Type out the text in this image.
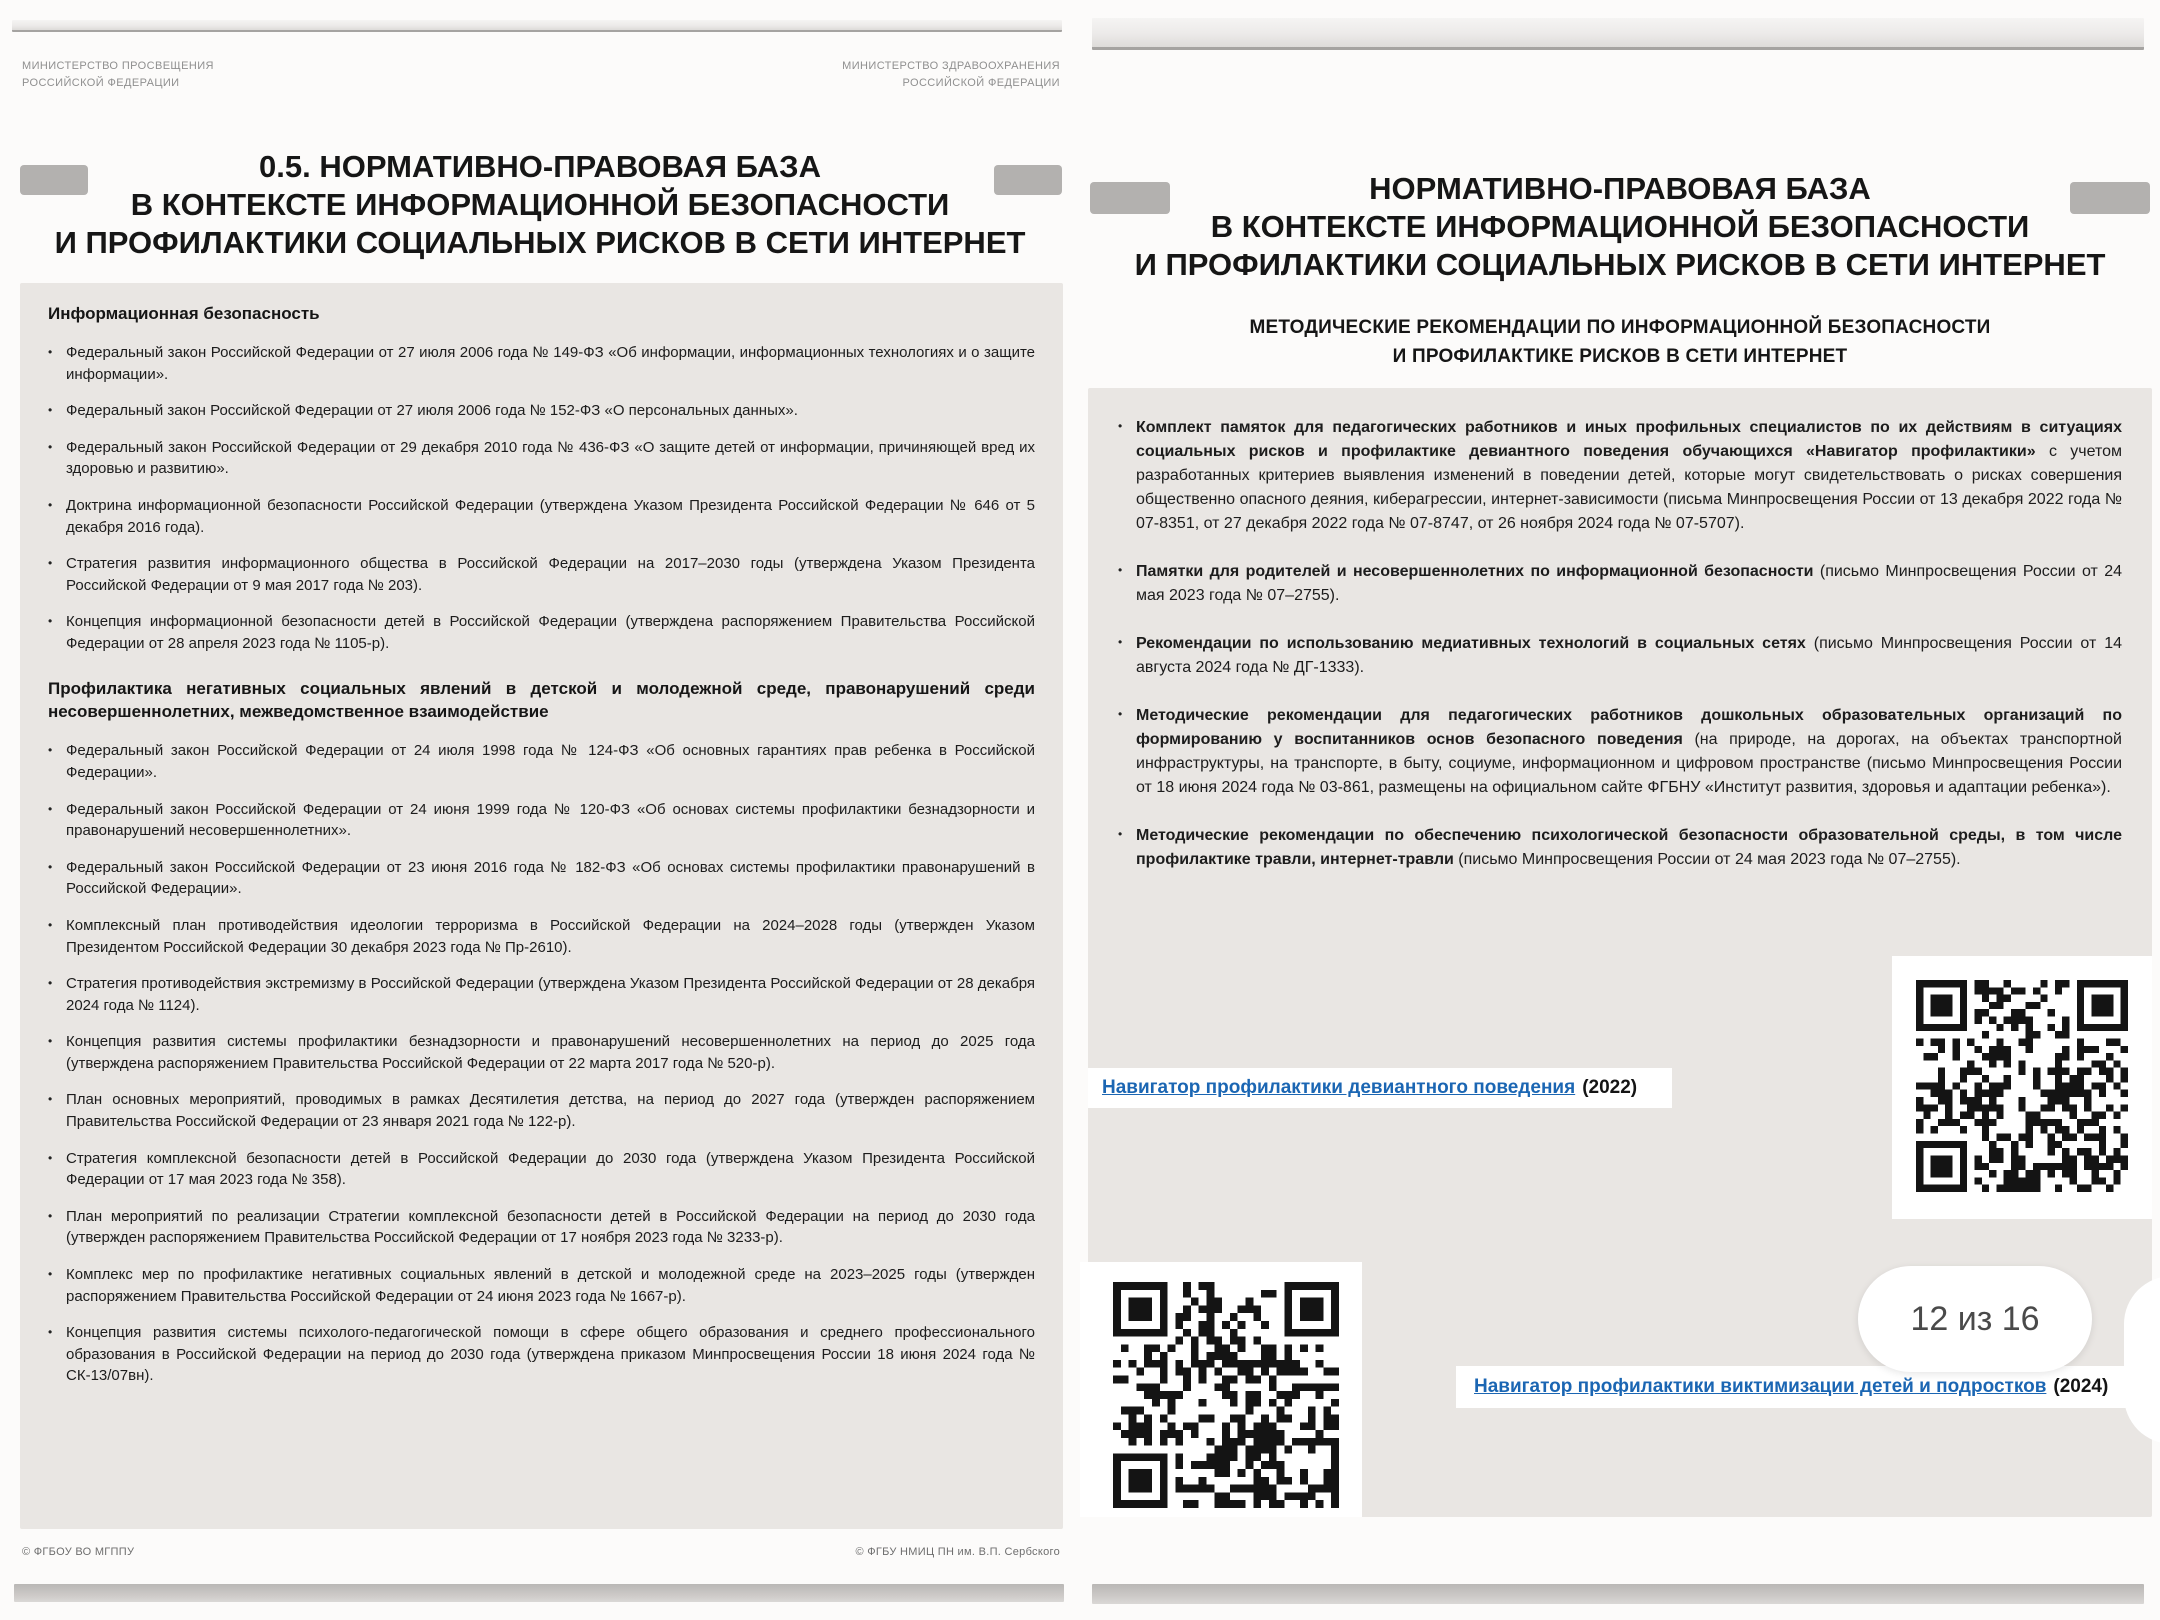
МИНИСТЕРСТВО ПРОСВЕЩЕНИЯ
РОССИЙСКОЙ ФЕДЕРАЦИИ
МИНИСТЕРСТВО ЗДРАВООХРАНЕНИЯ
РОССИЙСКОЙ ФЕДЕРАЦИИ
0.5. НОРМАТИВНО-ПРАВОВАЯ БАЗА
В КОНТЕКСТЕ ИНФОРМАЦИОННОЙ БЕЗОПАСНОСТИ
И ПРОФИЛАКТИКИ СОЦИАЛЬНЫХ РИСКОВ В СЕТИ ИНТЕРНЕТ
Информационная безопасность
• Федеральный закон Российской Федерации от 27 июля 2006 года № 149-ФЗ «Об информации, информационных технологиях и о защите информации».
• Федеральный закон Российской Федерации от 27 июля 2006 года № 152-ФЗ «О персональных данных».
• Федеральный закон Российской Федерации от 29 декабря 2010 года № 436-ФЗ «О защите детей от информации, причиняющей вред их здоровью и развитию».
• Доктрина информационной безопасности Российской Федерации (утверждена Указом Президента Российской Федерации № 646 от 5 декабря 2016 года).
• Стратегия развития информационного общества в Российской Федерации на 2017–2030 годы (утверждена Указом Президента Российской Федерации от 9 мая 2017 года № 203).
• Концепция информационной безопасности детей в Российской Федерации (утверждена распоряжением Правительства Российской Федерации от 28 апреля 2023 года № 1105-р).
Профилактика негативных социальных явлений в детской и молодежной среде, правонарушений среди несовершеннолетних, межведомственное взаимодействие
• Федеральный закон Российской Федерации от 24 июля 1998 года № 124-ФЗ «Об основных гарантиях прав ребенка в Российской Федерации».
• Федеральный закон Российской Федерации от 24 июня 1999 года № 120-ФЗ «Об основах системы профилактики безнадзорности и правонарушений несовершеннолетних».
• Федеральный закон Российской Федерации от 23 июня 2016 года № 182-ФЗ «Об основах системы профилактики правонарушений в Российской Федерации».
• Комплексный план противодействия идеологии терроризма в Российской Федерации на 2024–2028 годы (утвержден Указом Президентом Российской Федерации 30 декабря 2023 года № Пр-2610).
• Стратегия противодействия экстремизму в Российской Федерации (утверждена Указом Президента Российской Федерации от 28 декабря 2024 года № 1124).
• Концепция развития системы профилактики безнадзорности и правонарушений несовершеннолетних на период до 2025 года (утверждена распоряжением Правительства Российской Федерации от 22 марта 2017 года № 520-р).
• План основных мероприятий, проводимых в рамках Десятилетия детства, на период до 2027 года (утвержден распоряжением Правительства Российской Федерации от 23 января 2021 года № 122-р).
• Стратегия комплексной безопасности детей в Российской Федерации до 2030 года (утверждена Указом Президента Российской Федерации от 17 мая 2023 года № 358).
• План мероприятий по реализации Стратегии комплексной безопасности детей в Российской Федерации на период до 2030 года (утвержден распоряжением Правительства Российской Федерации от 17 ноября 2023 года № 3233-р).
• Комплекс мер по профилактике негативных социальных явлений в детской и молодежной среде на 2023–2025 годы (утвержден распоряжением Правительства Российской Федерации от 24 июня 2023 года № 1667-р).
• Концепция развития системы психолого-педагогической помощи в сфере общего образования и среднего профессионального образования в Российской Федерации на период до 2030 года (утверждена приказом Минпросвещения России 18 июня 2024 года № СК-13/07вн).
© ФГБОУ ВО МГППУ	© ФГБУ НМИЦ ПН им. В.П. Сербского
НОРМАТИВНО-ПРАВОВАЯ БАЗА
В КОНТЕКСТЕ ИНФОРМАЦИОННОЙ БЕЗОПАСНОСТИ
И ПРОФИЛАКТИКИ СОЦИАЛЬНЫХ РИСКОВ В СЕТИ ИНТЕРНЕТ
МЕТОДИЧЕСКИЕ РЕКОМЕНДАЦИИ ПО ИНФОРМАЦИОННОЙ БЕЗОПАСНОСТИ
И ПРОФИЛАКТИКЕ РИСКОВ В СЕТИ ИНТЕРНЕТ
• Комплект памяток для педагогических работников и иных профильных специалистов по их действиям в ситуациях социальных рисков и профилактике девиантного поведения обучающихся «Навигатор профилактики» с учетом разработанных критериев выявления изменений в поведении детей, которые могут свидетельствовать о рисках совершения общественно опасного деяния, киберагрессии, интернет-зависимости (письма Минпросвещения России от 13 декабря 2022 года № 07-8351, от 27 декабря 2022 года № 07-8747, от 26 ноября 2024 года № 07-5707).
• Памятки для родителей и несовершеннолетних по информационной безопасности (письмо Минпросвещения России от 24 мая 2023 года № 07–2755).
• Рекомендации по использованию медиативных технологий в социальных сетях (письмо Минпросвещения России от 14 августа 2024 года № ДГ-1333).
• Методические рекомендации для педагогических работников дошкольных образовательных организаций по формированию у воспитанников основ безопасного поведения (на природе, на дорогах, на объектах транспортной инфраструктуры, на транспорте, в быту, социуме, информационном и цифровом пространстве (письмо Минпросвещения России от 18 июня 2024 года № 03-861, размещены на официальном сайте ФГБНУ «Институт развития, здоровья и адаптации ребенка»).
• Методические рекомендации по обеспечению психологической безопасности образовательной среды, в том числе профилактике травли, интернет-травли (письмо Минпросвещения России от 24 мая 2023 года № 07–2755).
Навигатор профилактики девиантного поведения (2022)
12 из 16
Навигатор профилактики виктимизации детей и подростков (2024)
